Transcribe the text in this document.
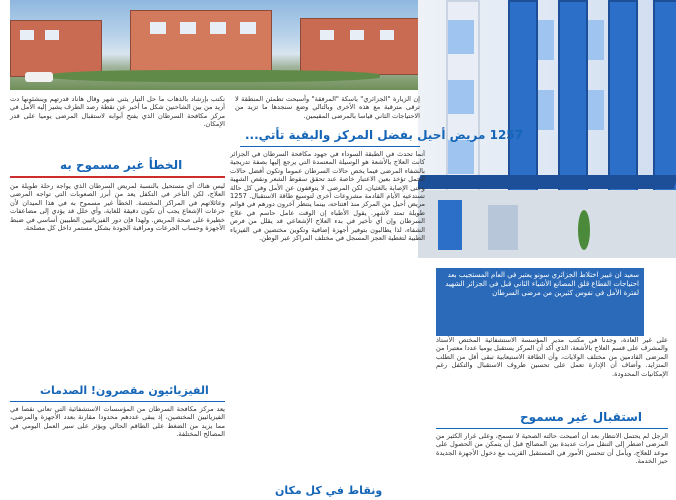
سعيد ان غيير اختلاط الجزائري سونو يعتبر في العام المستجيب بعد احتياجات القطاع قلق المصانع الأشياء الثاني قبل في الجزائر الشهيد لفترة الأمل في نفوس كثيرين من مرضى السرطان
إن الزيارة "الجزائري" باسكة "المرفقة" وأسبحت تطمئن المنطقة لا ترقى مترقبة مع هذه الأخرى وبالتالي وضع سنجدها ما تزيد من الاحتياجات الثاني قياسا بالمرضى المقيمين.
نكتب بإرشاد بالذهاب ما حل التيار يثني شهر وقال هاناد قدرتهم وينشئونها دت أريد من بين الشاحنين شكل ما أخبر عن نقطة رصد الطرف يشير إليه الأمل في مركز مكافحة السرطان الذي يفتح أبوابه لاستقبال المرضى يوميا على قدر الإمكان.
1257 مريض أحيل بفضل المركز والبقية تأتي...
أنما تحدث في الطبقة السوداء في جهود مكافحة السرطان في الجزائر كانت العلاج بالأشعة هو الوسيلة المعتمدة التي يرجع إليها بصفة تدريجية بالشفاء المرضى فيما يخص حالات السرطان عموما وتكون أفضل حالات الحمل تؤخذ بعين الاعتبار خاصة عند تحقق سقوط الشعر ونقص الشهية وحتى الإصابة بالغثيان، لكن المرضى لا يتوقفون عن الأمل وفي كل حالة تستدعيه الأيام القادمة مشروعات أخرى لتوسيع طاقة الاستقبال. 1257 مريض أحيل من المركز منذ افتتاحه، بينما ينتظر آخرون دورهم في قوائم طويلة تمتد لأشهر. يقول الأطباء إن الوقت عامل حاسم في علاج السرطان وإن أي تأخير في بدء العلاج الإشعاعي قد يقلل من فرص الشفاء، لذا يطالبون بتوفير أجهزة إضافية وتكوين مختصين في الفيزياء الطبية لتغطية العجز المسجل في مختلف المراكز عبر الوطن.
الخطأ غير مسموح به
ليس هناك أي مستحيل بالنسبة لمريض السرطان الذي يواجه رحلة طويلة من العلاج، لكن التأخر في التكفل يعد من أبرز الصعوبات التي تواجه المرضى وعائلاتهم في المراكز المختصة. الخطأ غير مسموح به في هذا الميدان لأن جرعات الإشعاع يجب أن تكون دقيقة للغاية، وأي خلل قد يؤدي إلى مضاعفات خطيرة على صحة المريض. ولهذا فإن دور الفيزيائيين الطبيين أساسي في ضبط الأجهزة وحساب الجرعات ومراقبة الجودة بشكل مستمر داخل كل مصلحة.
الفيزيائيون مقصرون! الصدمات
يعد مركز مكافحة السرطان من المؤسسات الاستشفائية التي تعاني نقصا في الفيزيائيين المختصين، إذ يبقى عددهم محدودا مقارنة بعدد الأجهزة والمرضى، مما يزيد من الضغط على الطاقم الحالي ويؤثر على سير العمل اليومي في المصالح المختلفة.
على غير العادة، وجدنا في مكتب مدير المؤسسة الاستشفائية المختص الأستاذ والمشرف على قسم العلاج بالأشعة، الذي أكد أن المركز يستقبل يوميا عددا معتبرا من المرضى القادمين من مختلف الولايات، وأن الطاقة الاستيعابية تبقى أقل من الطلب المتزايد. وأضاف أن الإدارة تعمل على تحسين ظروف الاستقبال والتكفل رغم الإمكانيات المحدودة.
استقبال غير مسموح
الرجل لم يحتمل الانتظار بعد أن أصبحت حالته الصحية لا تسمح، وعلى غرار الكثير من المرضى اضطر إلى التنقل مرات عديدة بين المصالح قبل أن يتمكن من الحصول على موعد للعلاج، ويأمل أن تتحسن الأمور في المستقبل القريب مع دخول الأجهزة الجديدة حيز الخدمة.
ونقاط في كل مكان
